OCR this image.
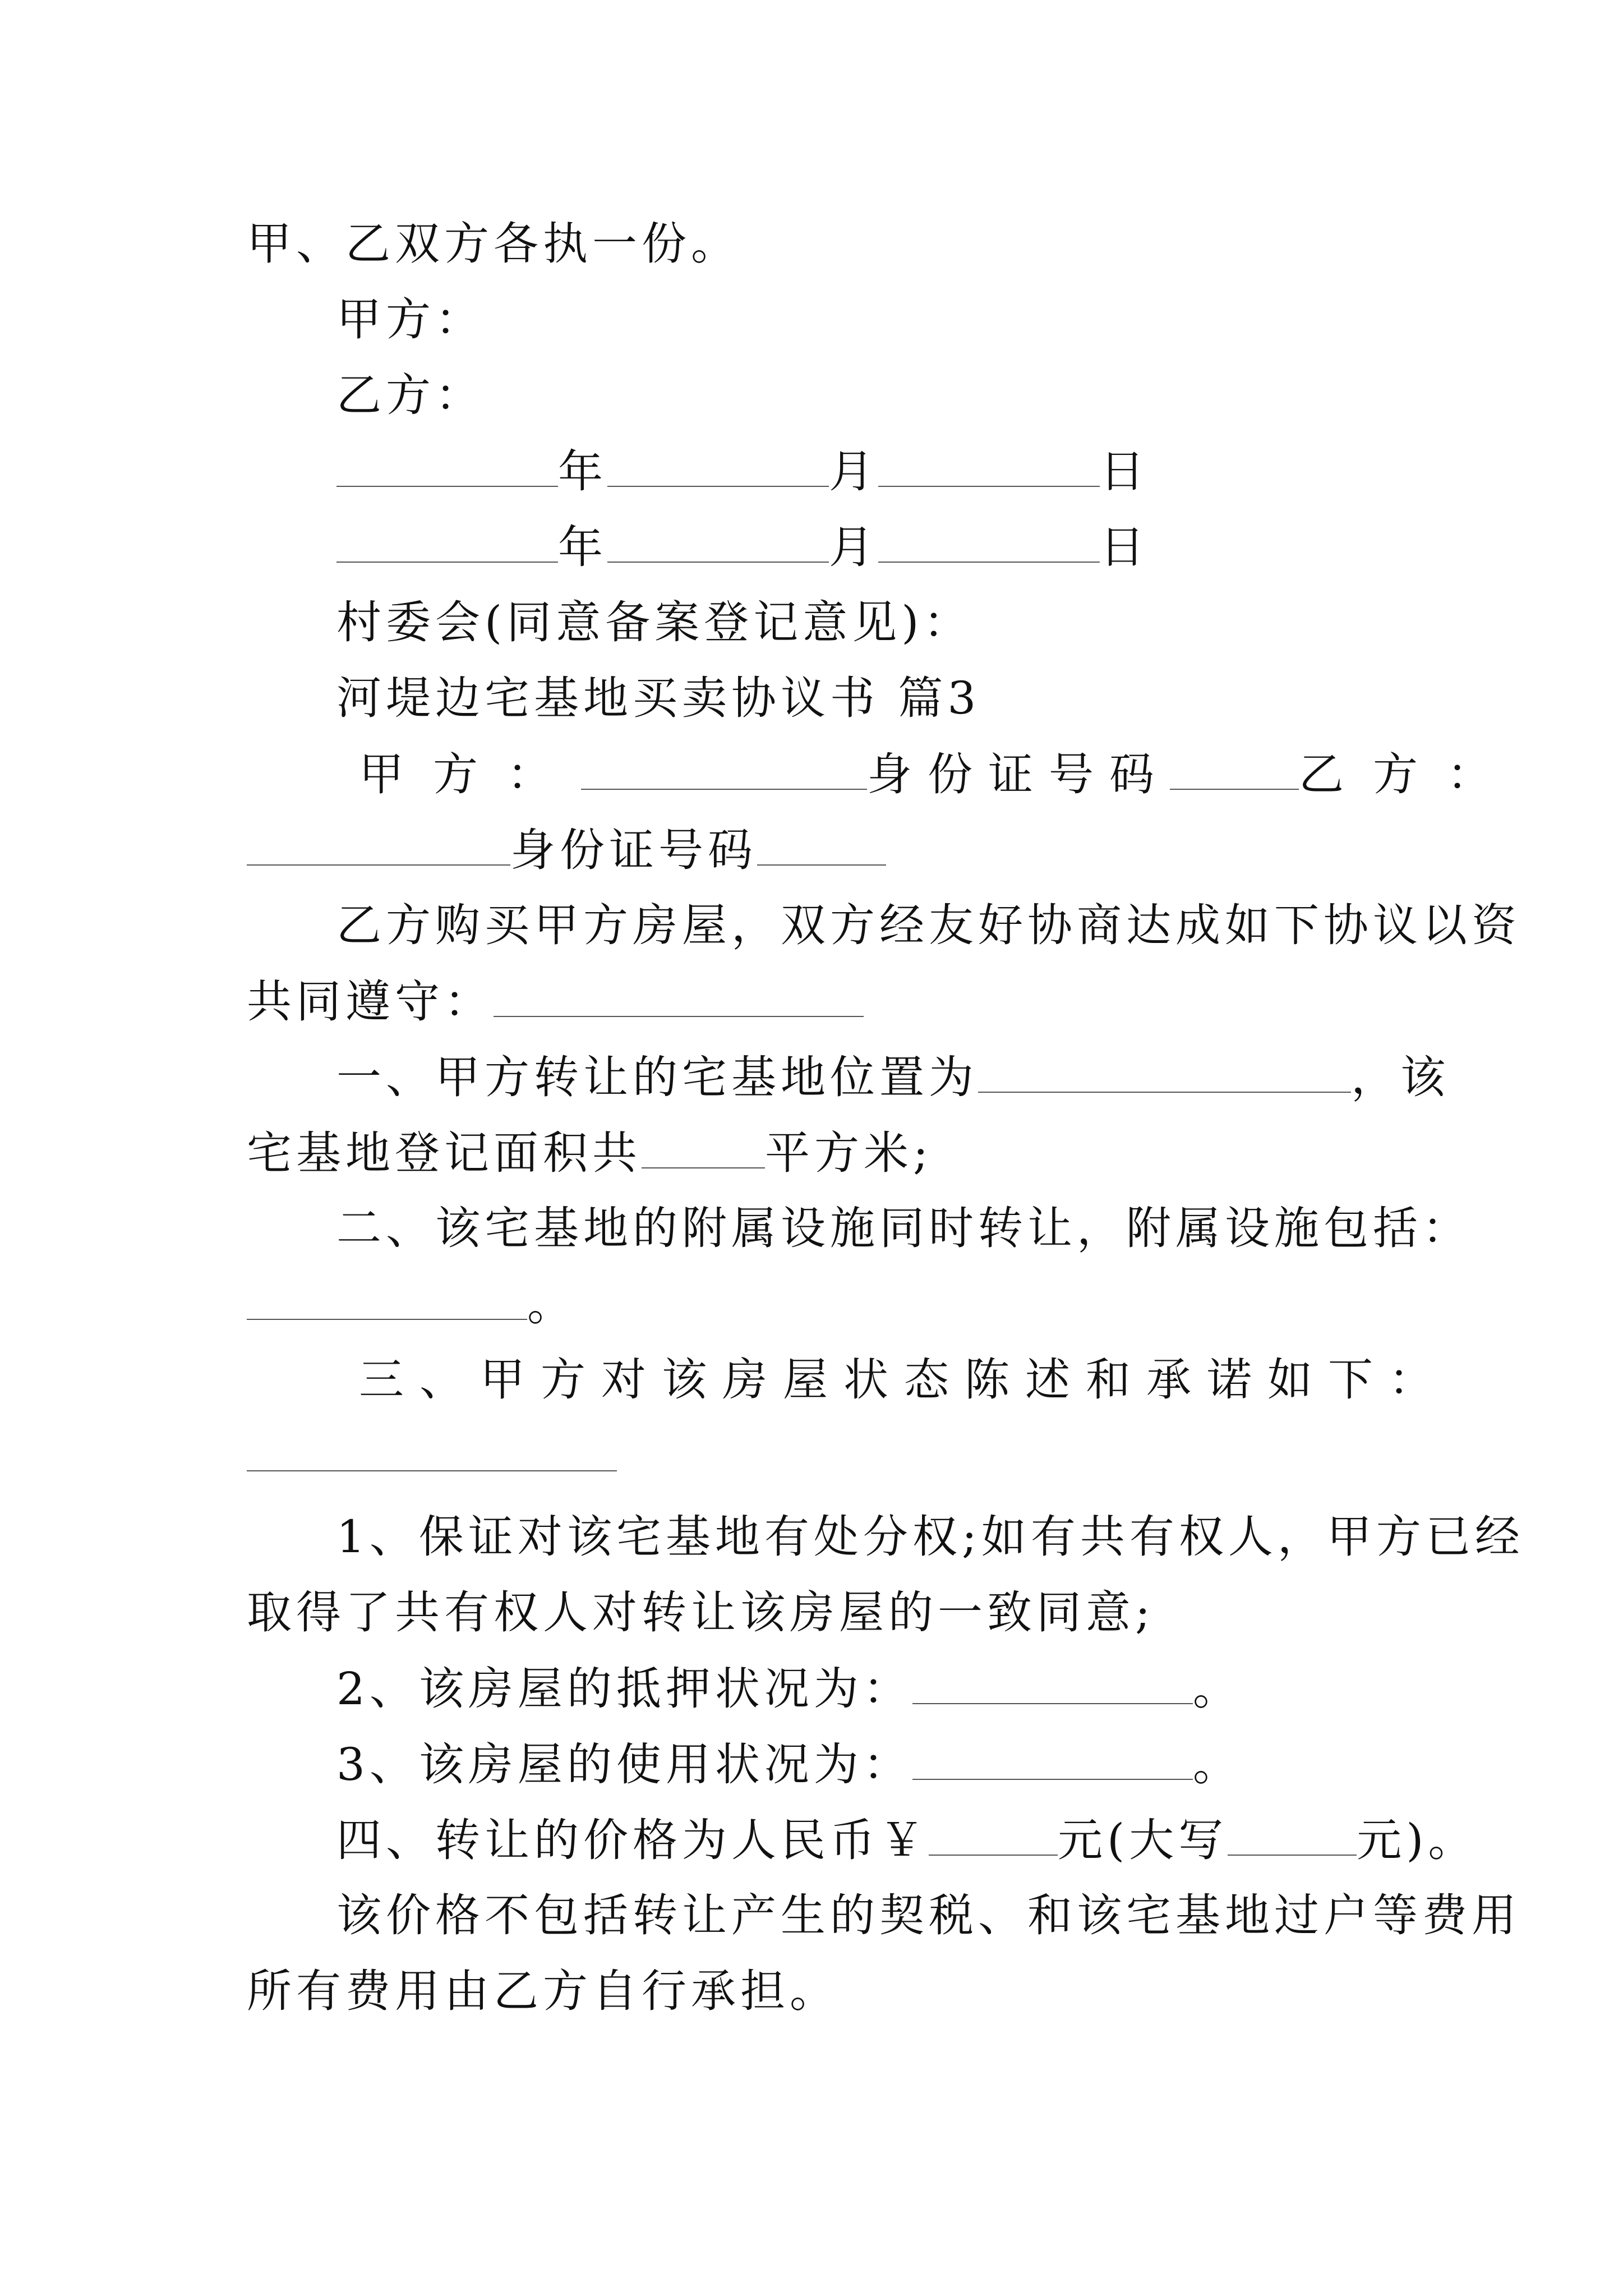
甲、乙双方各执一份。
甲方：
乙方：
年	月	日
年	月	日
村委会(同意备案登记意见)：
河堤边宅基地买卖协议书 篇3
甲方：	身份证号码	乙方：
身份证号码
乙方购买甲方房屋，双方经友好协商达成如下协议以资
共同遵守：
一、甲方转让的宅基地位置为	，该
宅基地登记面积共	平方米;
二、该宅基地的附属设施同时转让，附属设施包括：
。
三、甲方对该房屋状态陈述和承诺如下：
1、保证对该宅基地有处分权;如有共有权人，甲方已经
取得了共有权人对转让该房屋的一致同意;
2、该房屋的抵押状况为：	。
3、该房屋的使用状况为：	。
四、转让的价格为人民币￥	元(大写	元)。
该价格不包括转让产生的契税、和该宅基地过户等费用
所有费用由乙方自行承担。
